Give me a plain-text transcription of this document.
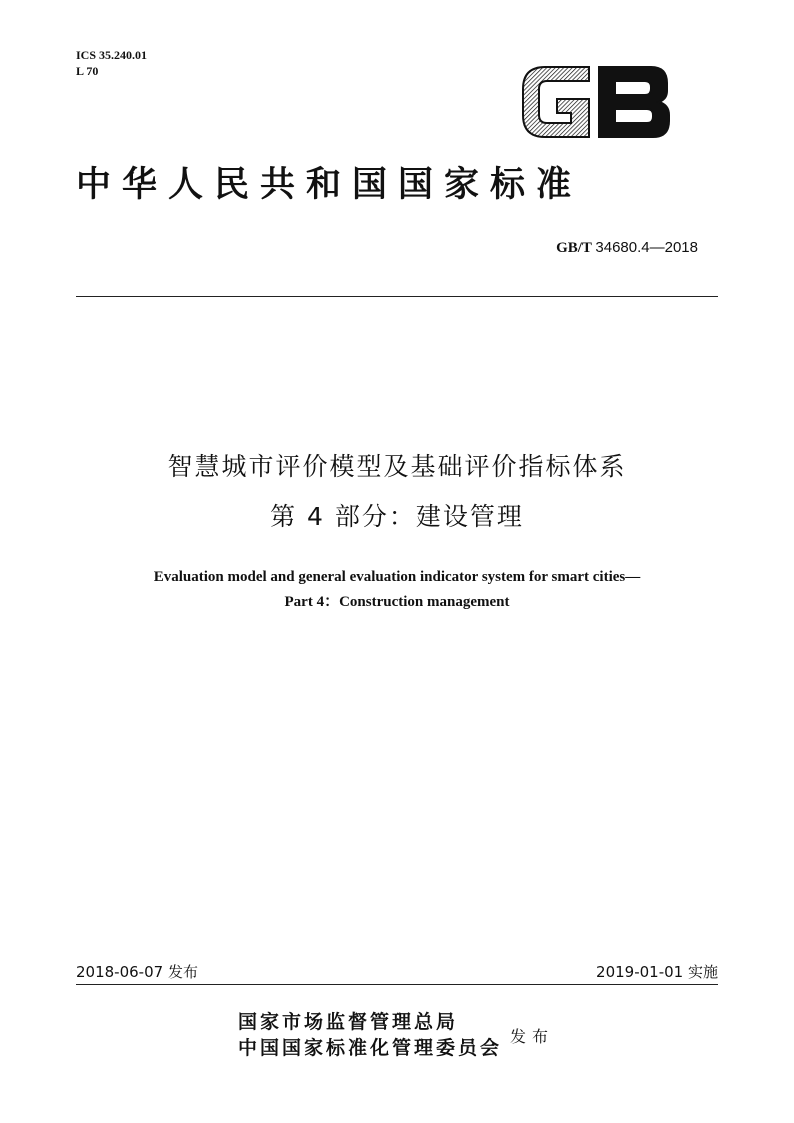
ICS 35.240.01
L 70
中华人民共和国国家标准
GB/T 34680.4—2018
智慧城市评价模型及基础评价指标体系
第 4 部分：建设管理
Evaluation model and general evaluation indicator system for smart cities—
Part 4：Construction management
2018-06-07 发布	2019-01-01 实施
国家市场监督管理总局
中国国家标准化管理委员会
发布
